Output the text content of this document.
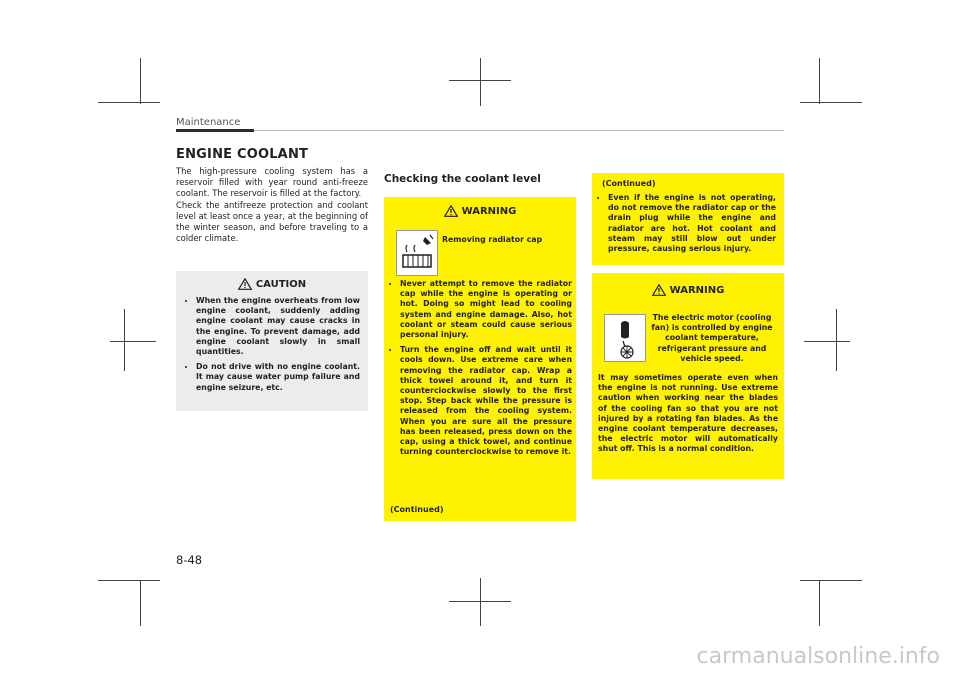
Maintenance
ENGINE COOLANT

The high-pressure cooling system has a reservoir filled with year round anti-freeze coolant. The reservoir is filled at the factory.

Check the antifreeze protection and coolant level at least once a year, at the beginning of the winter season, and before traveling to a colder climate.

CAUTION
• When the engine overheats from low engine coolant, suddenly adding engine coolant may cause cracks in the engine. To prevent damage, add engine coolant slowly in small quantities.
• Do not drive with no engine coolant. It may cause water pump failure and engine seizure, etc.
Checking the coolant level
WARNING
Removing radiator cap
• Never attempt to remove the radiator cap while the engine is operating or hot. Doing so might lead to cooling system and engine damage. Also, hot coolant or steam could cause serious personal injury.
• Turn the engine off and wait until it cools down. Use extreme care when removing the radiator cap. Wrap a thick towel around it, and turn it counterclockwise slowly to the first stop. Step back while the pressure is released from the cooling system. When you are sure all the pressure has been released, press down on the cap, using a thick towel, and continue turning counterclockwise to remove it.
(Continued)
(Continued)
• Even if the engine is not operating, do not remove the radiator cap or the drain plug while the engine and radiator are hot. Hot coolant and steam may still blow out under pressure, causing serious injury.
WARNING
The electric motor (cooling fan) is controlled by engine coolant temperature, refrigerant pressure and vehicle speed.
It may sometimes operate even when the engine is not running. Use extreme caution when working near the blades of the cooling fan so that you are not injured by a rotating fan blades. As the engine coolant temperature decreases, the electric motor will automatically shut off. This is a normal condition.
8-48
carmanualsonline.info
